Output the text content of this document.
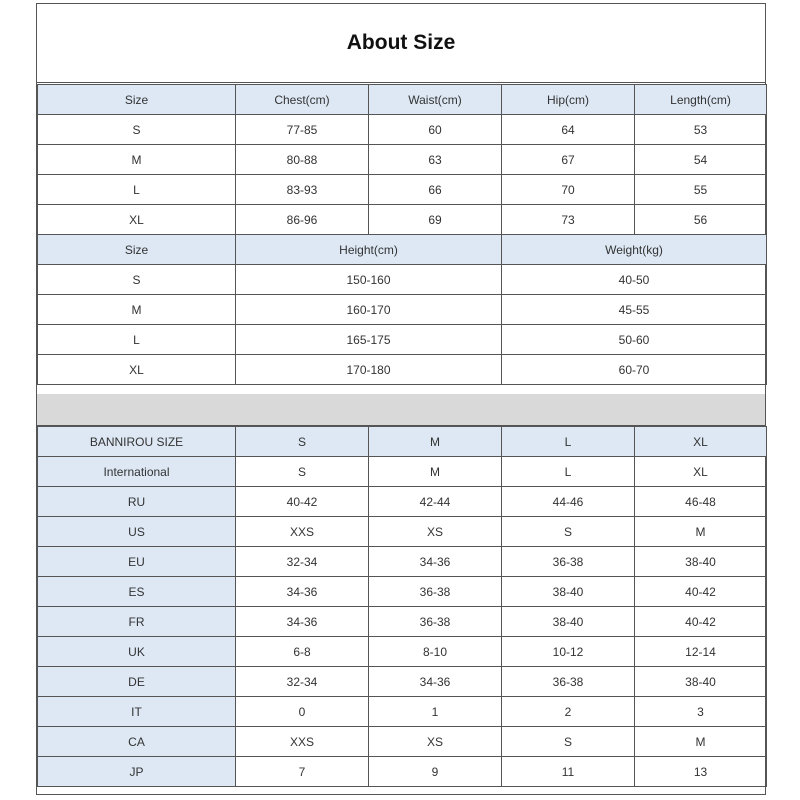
About Size
Size	Chest(cm)	Waist(cm)	Hip(cm)	Length(cm)
S	77-85	60	64	53
M	80-88	63	67	54
L	83-93	66	70	55
XL	86-96	69	73	56
Size	Height(cm)		Weight(kg)	
S	150-160		40-50	
M	160-170		45-55	
L	165-175		50-60	
XL	170-180		60-70	
BANNIROU SIZE	S	M	L	XL
International	S	M	L	XL
RU	40-42	42-44	44-46	46-48
US	XXS	XS	S	M
EU	32-34	34-36	36-38	38-40
ES	34-36	36-38	38-40	40-42
FR	34-36	36-38	38-40	40-42
UK	6-8	8-10	10-12	12-14
DE	32-34	34-36	36-38	38-40
IT	0	1	2	3
CA	XXS	XS	S	M
JP	7	9	11	13
